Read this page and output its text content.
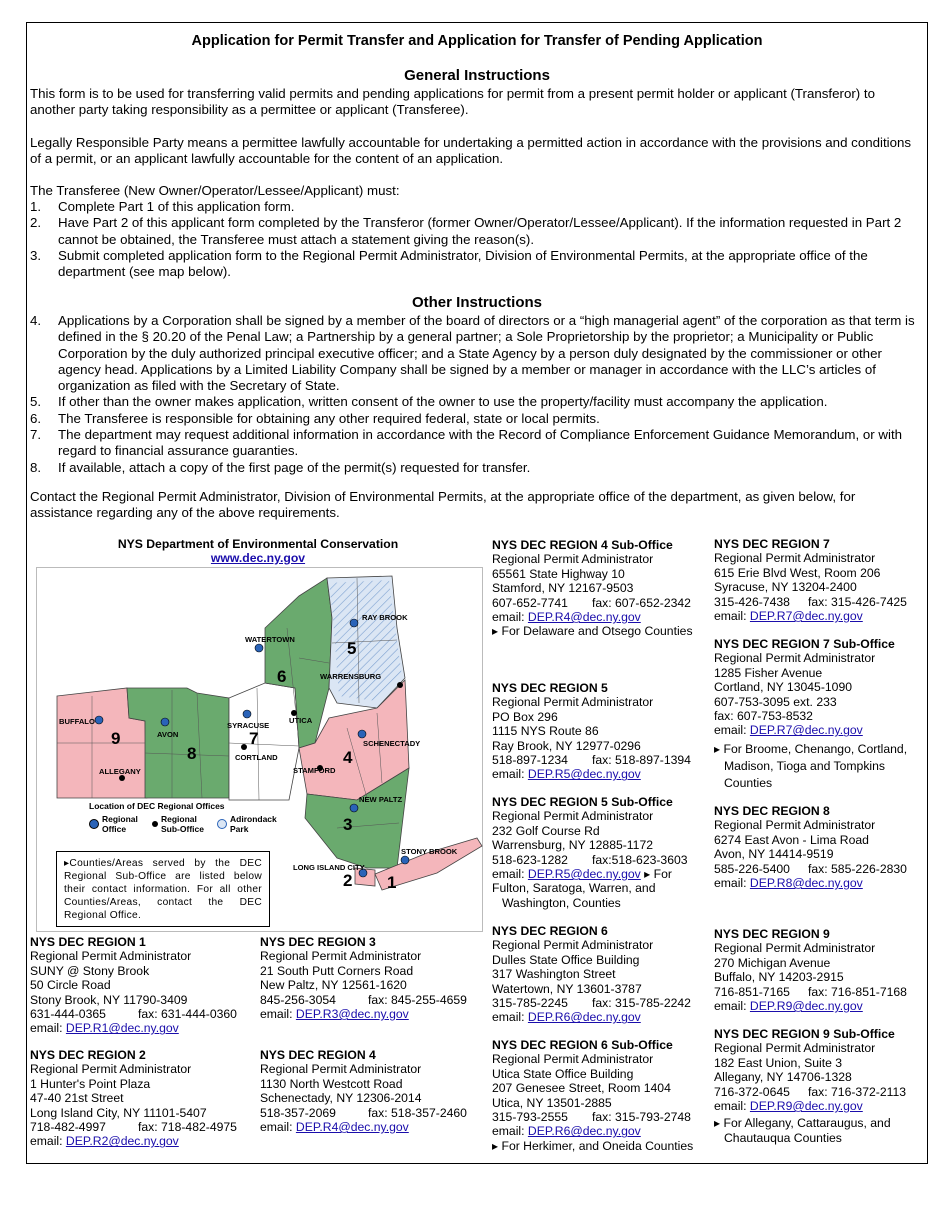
Application for Permit Transfer and Application for Transfer of Pending Application
General Instructions
This form is to be used for transferring valid permits and pending applications for permit from a present permit holder or applicant (Transferor) to another party taking responsibility as a permittee or applicant (Transferee).
Legally Responsible Party means a permittee lawfully accountable for undertaking a permitted action in accordance with the provisions and conditions of a permit, or an applicant lawfully accountable for the content of an application.
The Transferee (New Owner/Operator/Lessee/Applicant) must:
1. Complete Part 1 of this application form.
2. Have Part 2 of this applicant form completed by the Transferor (former Owner/Operator/Lessee/Applicant). If the information requested in Part 2 cannot be obtained, the Transferee must attach a statement giving the reason(s).
3. Submit completed application form to the Regional Permit Administrator, Division of Environmental Permits, at the appropriate office of the department (see map below).
Other Instructions
4. Applications by a Corporation shall be signed by a member of the board of directors or a “high managerial agent” of the corporation as that term is defined in the § 20.20 of the Penal Law; a Partnership by a general partner; a Sole Proprietorship by the proprietor; a Municipality or Public Corporation by the duly authorized principal executive officer; and a State Agency by a person duly designated by the commissioner or other agency head. Applications by a Limited Liability Company shall be signed by a member or manager in accordance with the LLC’s articles of organization as filed with the Secretary of State.
5. If other than the owner makes application, written consent of the owner to use the property/facility must accompany the application.
6. The Transferee is responsible for obtaining any other required federal, state or local permits.
7. The department may request additional information in accordance with the Record of Compliance Enforcement Guidance Memorandum, or with regard to financial assurance guaranties.
8. If available, attach a copy of the first page of the permit(s) requested for transfer.
Contact the Regional Permit Administrator, Division of Environmental Permits, at the appropriate office of the department, as given below, for assistance regarding any of the above requirements.
NYS Department of Environmental Conservation
www.dec.ny.gov
9
8
7
6
5
4
3
2 1
BUFFALO
ALLEGANY
AVON
SYRACUSE
CORTLAND
WATERTOWN
UTICA
RAY BROOK
WARRENSBURG
SCHENECTADY
STAMFORD
NEW PALTZ
LONG ISLAND CITY
STONY BROOK
Location of DEC Regional Offices
Regional Office
Regional Sub-Office
Adirondack Park
▸Counties/Areas served by the DEC Regional Sub-Office are listed below their contact information. For all other Counties/Areas, contact the DEC Regional Office.
NYS DEC REGION 1
Regional Permit Administrator
SUNY @ Stony Brook
50 Circle Road
Stony Brook, NY 11790-3409
631-444-0365	fax: 631-444-0360
email: DEP.R1@dec.ny.gov
NYS DEC REGION 2
Regional Permit Administrator
1 Hunter's Point Plaza
47-40 21st Street
Long Island City, NY 11101-5407
718-482-4997	fax: 718-482-4975
email: DEP.R2@dec.ny.gov
NYS DEC REGION 3
Regional Permit Administrator
21 South Putt Corners Road
New Paltz, NY 12561-1620
845-256-3054	fax: 845-255-4659
email: DEP.R3@dec.ny.gov
NYS DEC REGION 4
Regional Permit Administrator
1130 North Westcott Road
Schenectady, NY 12306-2014
518-357-2069	fax: 518-357-2460
email: DEP.R4@dec.ny.gov
NYS DEC REGION 4 Sub-Office
Regional Permit Administrator
65561 State Highway 10
Stamford, NY 12167-9503
607-652-7741 fax: 607-652-2342
email: DEP.R4@dec.ny.gov
▸ For Delaware and Otsego Counties
NYS DEC REGION 5
Regional Permit Administrator
PO Box 296
1115 NYS Route 86
Ray Brook, NY 12977-0296
518-897-1234 fax: 518-897-1394
email: DEP.R5@dec.ny.gov
NYS DEC REGION 5 Sub-Office
Regional Permit Administrator
232 Golf Course Rd
Warrensburg, NY 12885-1172
518-623-1282 fax:518-623-3603
email: DEP.R5@dec.ny.gov ▸ For
Fulton, Saratoga, Warren, and
Washington, Counties
NYS DEC REGION 6
Regional Permit Administrator
Dulles State Office Building
317 Washington Street
Watertown, NY 13601-3787
315-785-2245 fax: 315-785-2242
email: DEP.R6@dec.ny.gov
NYS DEC REGION 6 Sub-Office
Regional Permit Administrator
Utica State Office Building
207 Genesee Street, Room 1404
Utica, NY 13501-2885
315-793-2555 fax: 315-793-2748
email: DEP.R6@dec.ny.gov
▸ For Herkimer, and Oneida Counties
NYS DEC REGION 7
Regional Permit Administrator
615 Erie Blvd West, Room 206
Syracuse, NY 13204-2400
315-426-7438 fax: 315-426-7425
email: DEP.R7@dec.ny.gov
NYS DEC REGION 7 Sub-Office
Regional Permit Administrator
1285 Fisher Avenue
Cortland, NY 13045-1090
607-753-3095 ext. 233
fax: 607-753-8532
email: DEP.R7@dec.ny.gov
▸ For Broome, Chenango, Cortland, Madison, Tioga and Tompkins Counties
NYS DEC REGION 8
Regional Permit Administrator
6274 East Avon - Lima Road
Avon, NY 14414-9519
585-226-5400 fax: 585-226-2830
email: DEP.R8@dec.ny.gov
NYS DEC REGION 9
Regional Permit Administrator
270 Michigan Avenue
Buffalo, NY 14203-2915
716-851-7165 fax: 716-851-7168
email: DEP.R9@dec.ny.gov
NYS DEC REGION 9 Sub-Office
Regional Permit Administrator
182 East Union, Suite 3
Allegany, NY 14706-1328
716-372-0645 fax: 716-372-2113
email: DEP.R9@dec.ny.gov
▸ For Allegany, Cattaraugus, and Chautauqua Counties
